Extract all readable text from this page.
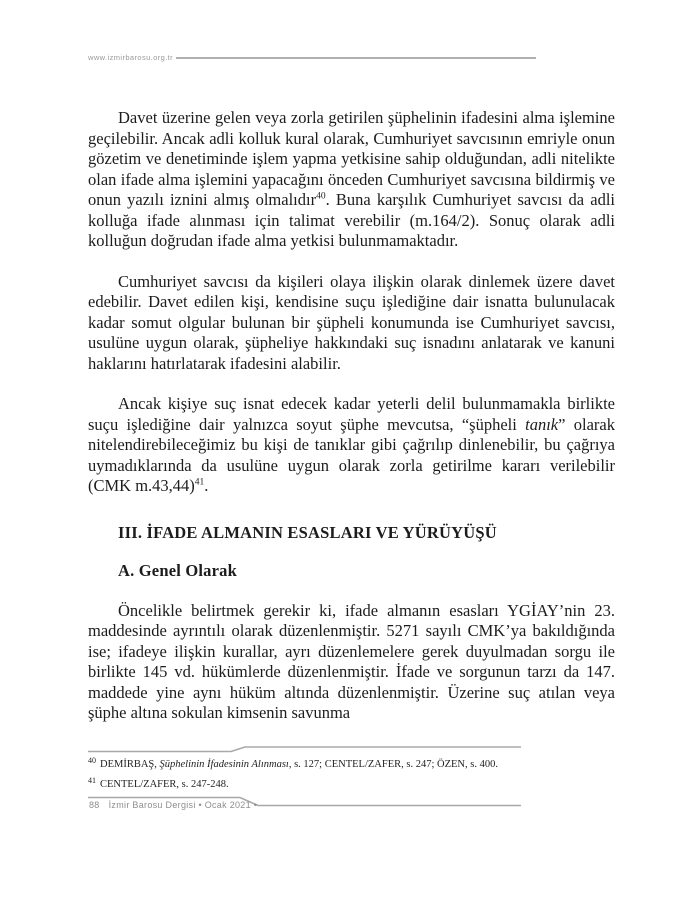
www.izmirbarosu.org.tr

Davet üzerine gelen veya zorla getirilen şüphelinin ifadesini alma işlemine geçilebilir. Ancak adli kolluk kural olarak, Cumhuriyet savcısının emriyle onun gözetim ve denetiminde işlem yapma yetkisine sahip olduğundan, adli nitelikte olan ifade alma işlemini yapacağını önceden Cumhuriyet savcısına bildirmiş ve onun yazılı iznini almış olmalıdır$^{40}$. Buna karşılık Cumhuriyet savcısı da adli kolluğa ifade alınması için talimat verebilir (m.164/2). Sonuç olarak adli kolluğun doğrudan ifade alma yetkisi bulunmamaktadır.

Cumhuriyet savcısı da kişileri olaya ilişkin olarak dinlemek üzere davet edebilir. Davet edilen kişi, kendisine suçu işlediğine dair isnatta bulunulacak kadar somut olgular bulunan bir şüpheli konumunda ise Cumhuriyet savcısı, usulüne uygun olarak, şüpheliye hakkındaki suç isnadını anlatarak ve kanuni haklarını hatırlatarak ifadesini alabilir.

Ancak kişiye suç isnat edecek kadar yeterli delil bulunmamakla birlikte suçu işlediğine dair yalnızca soyut şüphe mevcutsa, “şüpheli tanık” olarak nitelendirebileceğimiz bu kişi de tanıklar gibi çağrılıp dinlenebilir, bu çağrıya uymadıklarında da usulüne uygun olarak zorla getirilme kararı verilebilir (CMK m.43,44)$^{41}$.

III. İFADE ALMANIN ESASLARI VE YÜRÜYÜŞÜ
A. Genel Olarak

Öncelikle belirtmek gerekir ki, ifade almanın esasları YGİAY’nin 23. maddesinde ayrıntılı olarak düzenlenmiştir. 5271 sayılı CMK’ya bakıldığında ise; ifadeye ilişkin kurallar, ayrı düzenlemelere gerek duyulmadan sorgu ile birlikte 145 vd. hükümlerde düzenlenmiştir. İfade ve sorgunun tarzı da 147. maddede yine aynı hüküm altında düzenlenmiştir. Üzerine suç atılan veya şüphe altına sokulan kimsenin savunma

$^{40}$ DEMİRBAŞ, Şüphelinin İfadesinin Alınması, s. 127; CENTEL/ZAFER, s. 247; ÖZEN, s. 400.
$^{41}$ CENTEL/ZAFER, s. 247-248.
88 İzmir Barosu Dergisi • Ocak 2021 •
